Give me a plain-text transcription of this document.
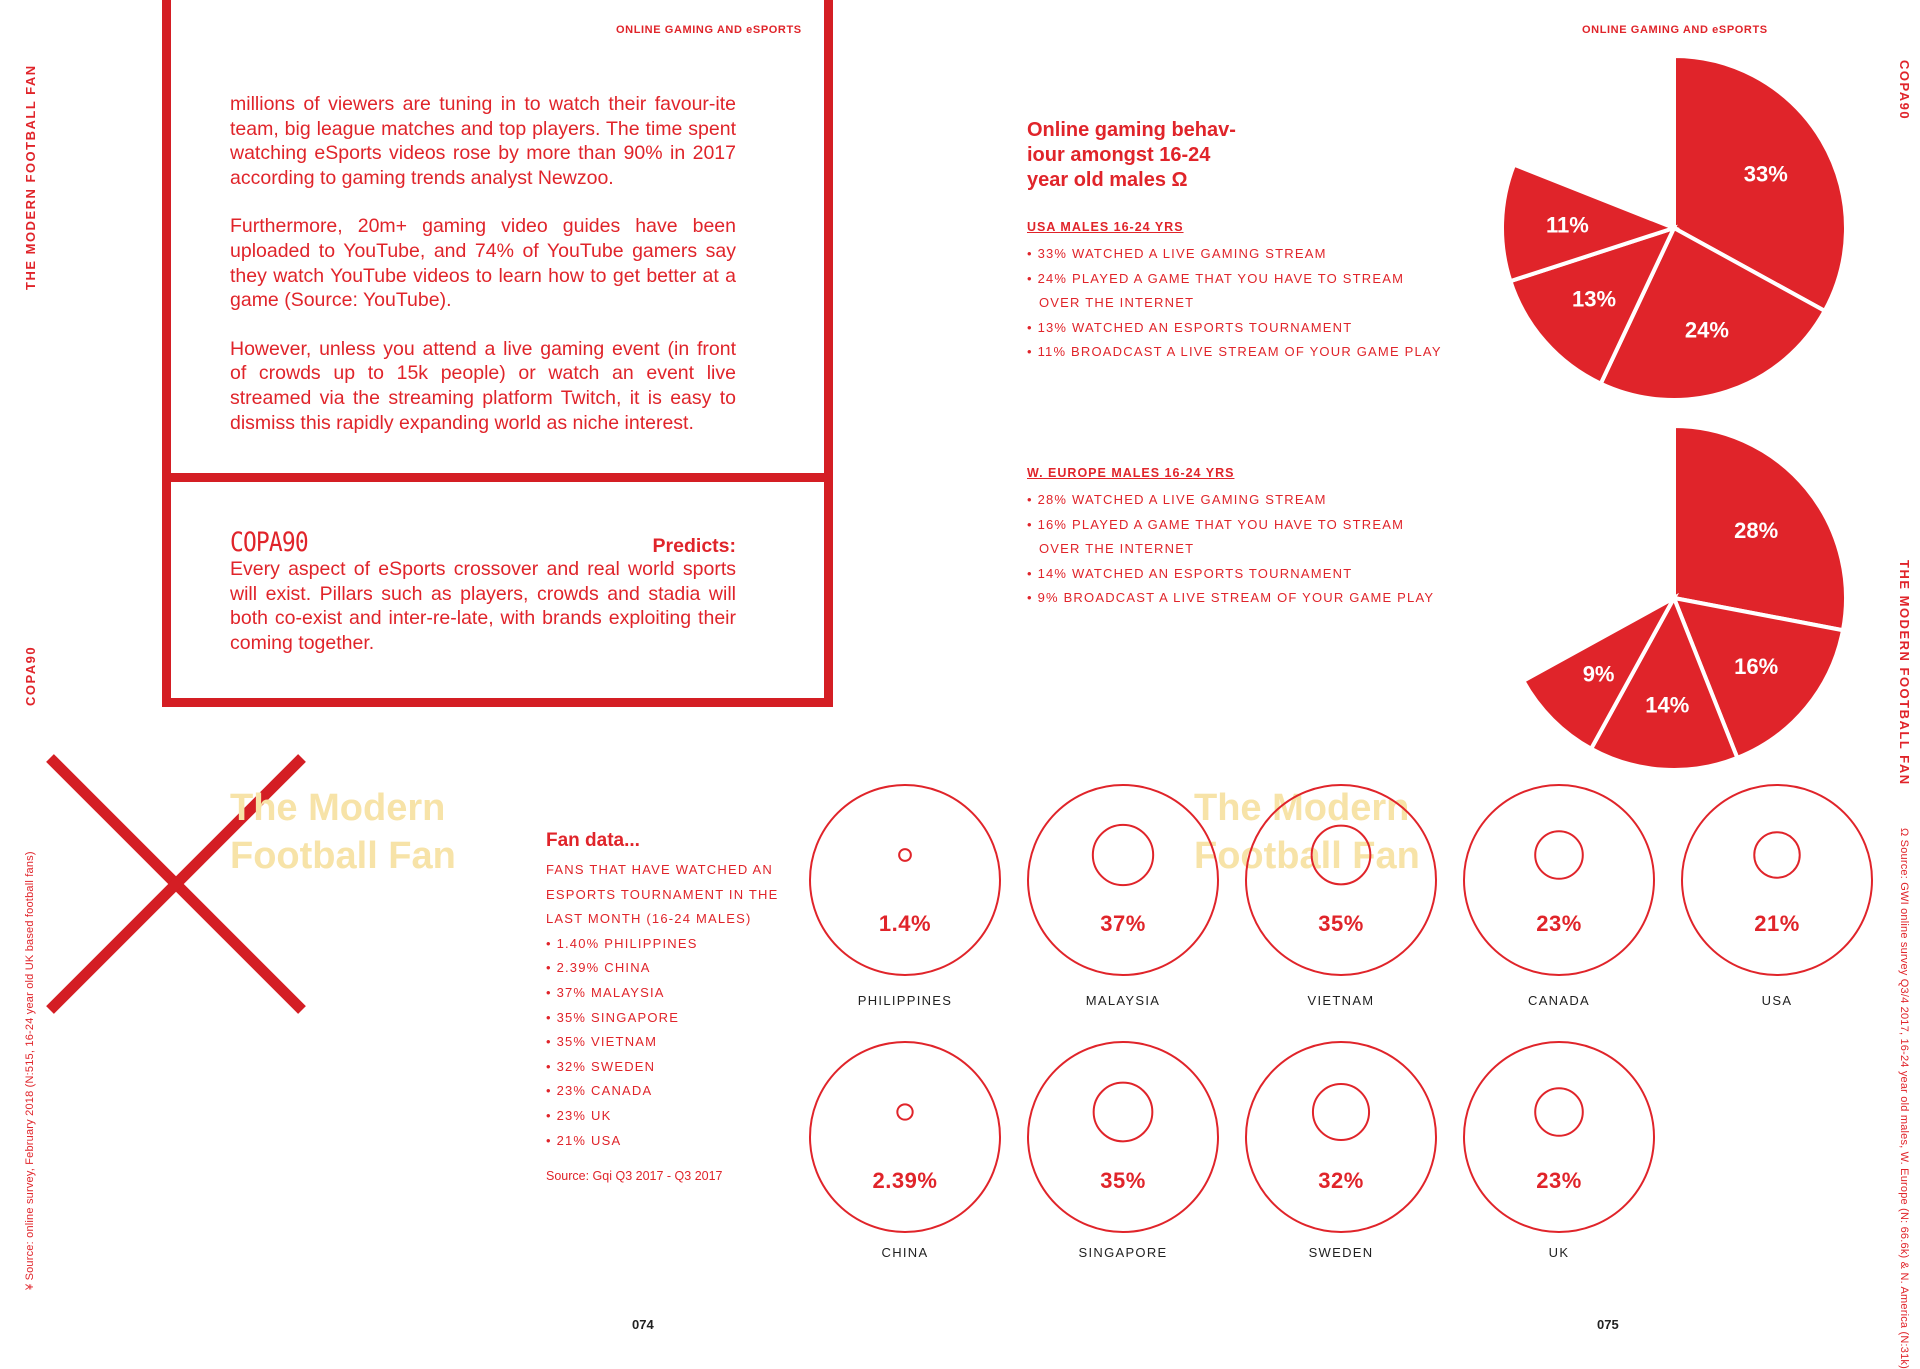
ONLINE GAMING AND eSPORTS	ONLINE GAMING AND eSPORTS
THE MODERN FOOTBALL FAN
COPA90
¥ Source: online survey, February 2018 (N:515, 16-24 year old UK based football fans)
COPA90
THE MODERN FOOTBALL FAN
Ω Source: GWI online survey Q3/4 2017, 16-24 year old males, W. Europe (N: 66.6k) & N. America (N:31k)

millions of viewers are tuning in to watch their favour-ite team, big league matches and top players. The time spent watching eSports videos rose by more than 90% in 2017 according to gaming trends analyst Newzoo.

Furthermore, 20m+ gaming video guides have been uploaded to YouTube, and 74% of YouTube gamers say they watch YouTube videos to learn how to get better at a game (Source: YouTube).

However, unless you attend a live gaming event (in front of crowds up to 15k people) or watch an event live streamed via the streaming platform Twitch, it is easy to dismiss this rapidly expanding world as niche interest.

COPA90	Predicts:

Every aspect of eSports crossover and real world sports will exist. Pillars such as players, crowds and stadia will both co-exist and inter-re-late, with brands exploiting their coming together.

The Modern
Football Fan
The Modern
Football Fan
Online gaming behav-
iour amongst 16-24
year old males Ω
USA MALES 16-24 YRS
• 33% WATCHED A LIVE GAMING STREAM
• 24% PLAYED A GAME THAT YOU HAVE TO STREAM
OVER THE INTERNET
• 13% WATCHED AN ESPORTS TOURNAMENT
• 11% BROADCAST A LIVE STREAM OF YOUR GAME PLAY
W. EUROPE MALES 16-24 YRS
• 28% WATCHED A LIVE GAMING STREAM
• 16% PLAYED A GAME THAT YOU HAVE TO STREAM
OVER THE INTERNET
• 14% WATCHED AN ESPORTS TOURNAMENT
• 9% BROADCAST A LIVE STREAM OF YOUR GAME PLAY
33%
24%
13%
11%
28%
16%
14%
9%
Fan data...
FANS THAT HAVE WATCHED AN
ESPORTS TOURNAMENT IN THE
LAST MONTH (16-24 MALES)
• 1.40% PHILIPPINES
• 2.39% CHINA
• 37% MALAYSIA
• 35% SINGAPORE
• 35% VIETNAM
• 32% SWEDEN
• 23% CANADA
• 23% UK
• 21% USA
Source: Gqi Q3 2017 - Q3 2017
1.4%
PHILIPPINES
37%
MALAYSIA
35%
VIETNAM
23%
CANADA
21%
USA
2.39%
CHINA
35%
SINGAPORE
32%
SWEDEN
23%
UK
074	075
